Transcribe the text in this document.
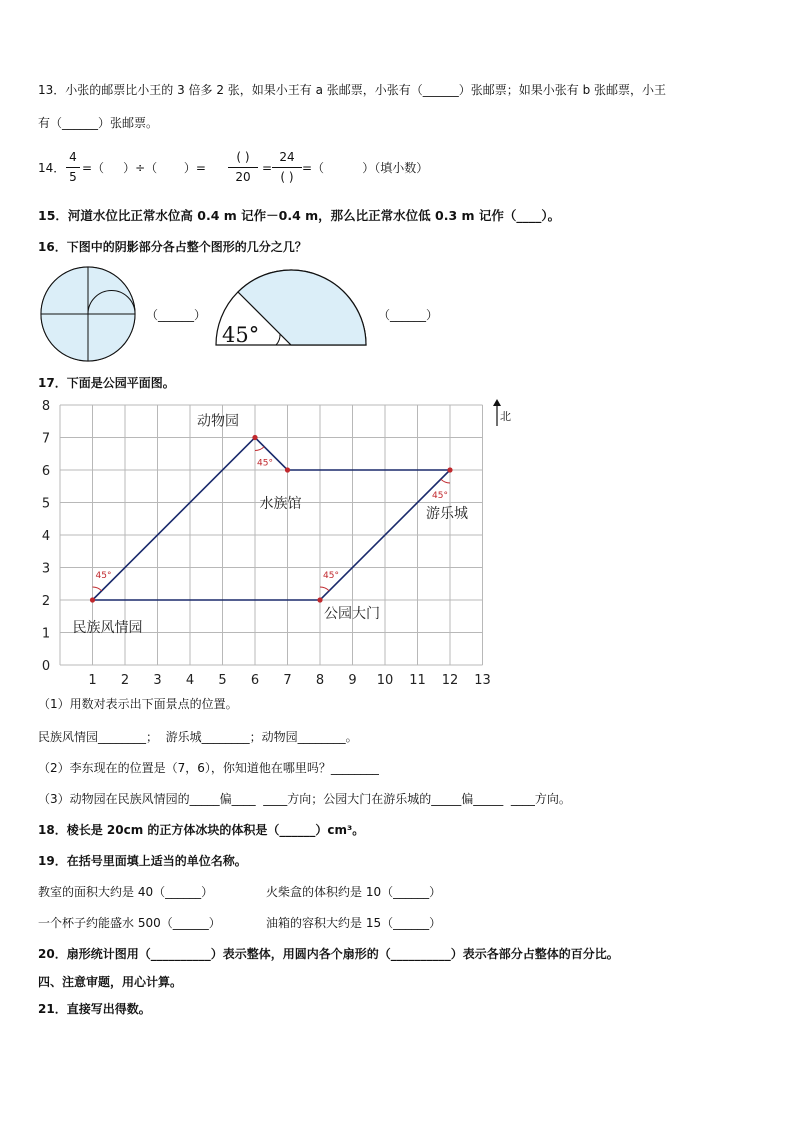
13．小张的邮票比小王的 3 倍多 2 张，如果小王有 a 张邮票，小张有（______）张邮票；如果小张有 b 张邮票，小王
有（______）张邮票。
14．
4
5
=（     ）÷（       ）=
( )
20
=
24
( )
=（          ）（填小数）
15．河道水位比正常水位高 0.4 m 记作－0.4 m，那么比正常水位低 0.3 m 记作（____）。
16．下图中的阴影部分各占整个图形的几分之几？
（______）
45°
（______）
17．下面是公园平面图。
1 2 3 4 5 6 7 8 9 10 11 12 13
0
1
2
3
4
5
6
7
8
45°	45°
45°
45°
民族风情园
动物园
水族馆
游乐城
公园大门
北
（1）用数对表示出下面景点的位置。
民族风情园________；  游乐城________；动物园________。
（2）李东现在的位置是（7，6），你知道他在哪里吗？________
（3）动物园在民族风情园的_____偏____  ____方向；公园大门在游乐城的_____偏_____  ____方向。
18．棱长是 20cm 的正方体冰块的体积是（______）cm³。
19．在括号里面填上适当的单位名称。
教室的面积大约是 40（______）	火柴盒的体积约是 10（______）
一个杯子约能盛水 500（______）	油箱的容积大约是 15（______）
20．扇形统计图用（__________）表示整体，用圆内各个扇形的（__________）表示各部分占整体的百分比。
四、注意审题，用心计算。
21．直接写出得数。
